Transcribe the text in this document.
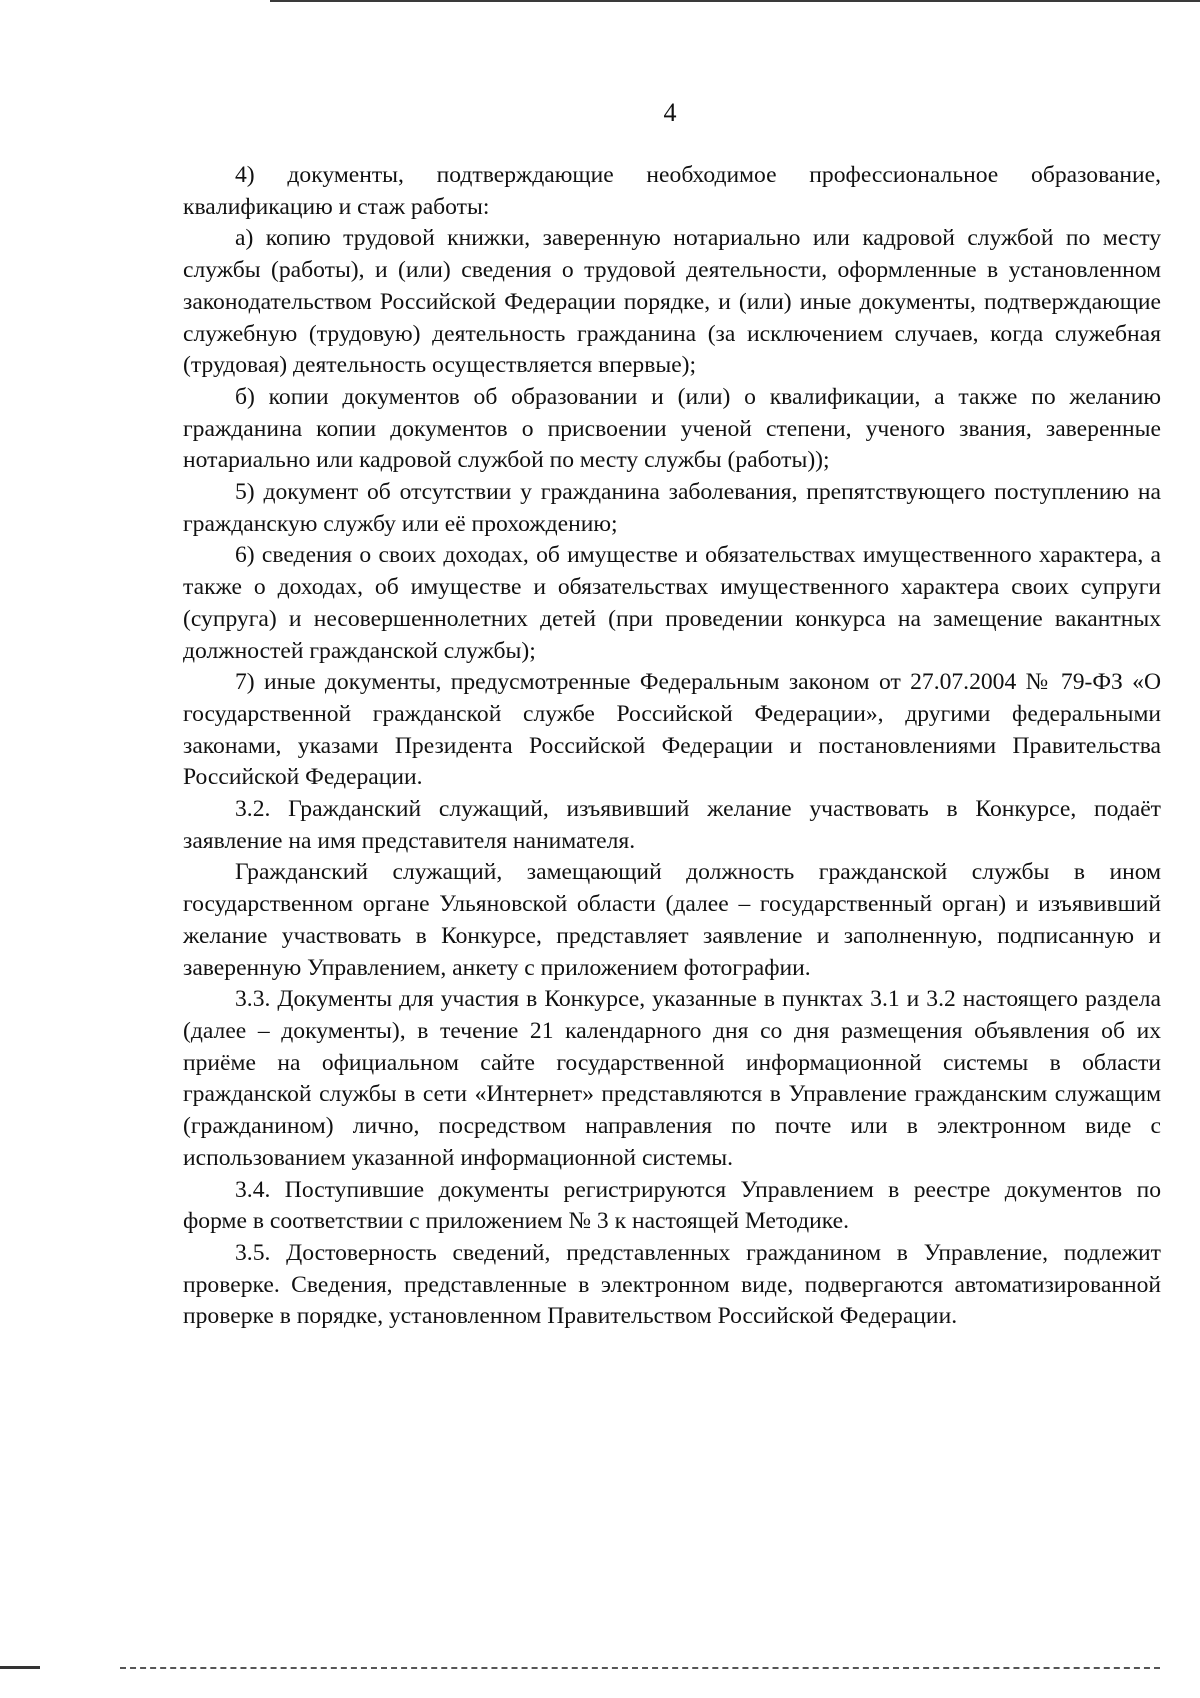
4

4) документы, подтверждающие необходимое профессиональное образование, квалификацию и стаж работы:

а) копию трудовой книжки, заверенную нотариально или кадровой службой по месту службы (работы), и (или) сведения о трудовой деятельности, оформленные в установленном законодательством Российской Федерации порядке, и (или) иные документы, подтверждающие служебную (трудовую) деятельность гражданина (за исключением случаев, когда служебная (трудовая) деятельность осуществляется впервые);

б) копии документов об образовании и (или) о квалификации, а также по желанию гражданина копии документов о присвоении ученой степени, ученого звания, заверенные нотариально или кадровой службой по месту службы (работы));

5) документ об отсутствии у гражданина заболевания, препятствующего поступлению на гражданскую службу или её прохождению;

6) сведения о своих доходах, об имуществе и обязательствах имущественного характера, а также о доходах, об имуществе и обязательствах имущественного характера своих супруги (супруга) и несовершеннолетних детей (при проведении конкурса на замещение вакантных должностей гражданской службы);

7) иные документы, предусмотренные Федеральным законом от 27.07.2004 № 79-ФЗ «О государственной гражданской службе Российской Федерации», другими федеральными законами, указами Президента Российской Федерации и постановлениями Правительства Российской Федерации.

3.2. Гражданский служащий, изъявивший желание участвовать в Конкурсе, подаёт заявление на имя представителя нанимателя.

Гражданский служащий, замещающий должность гражданской службы в ином государственном органе Ульяновской области (далее – государственный орган) и изъявивший желание участвовать в Конкурсе, представляет заявление и заполненную, подписанную и заверенную Управлением, анкету с приложением фотографии.

3.3. Документы для участия в Конкурсе, указанные в пунктах 3.1 и 3.2 настоящего раздела (далее – документы), в течение 21 календарного дня со дня размещения объявления об их приёме на официальном сайте государственной информационной системы в области гражданской службы в сети «Интернет» представляются в Управление гражданским служащим (гражданином) лично, посредством направления по почте или в электронном виде с использованием указанной информационной системы.

3.4. Поступившие документы регистрируются Управлением в реестре документов по форме в соответствии с приложением № 3 к настоящей Методике.

3.5. Достоверность сведений, представленных гражданином в Управление, подлежит проверке. Сведения, представленные в электронном виде, подвергаются автоматизированной проверке в порядке, установленном Правительством Российской Федерации.
